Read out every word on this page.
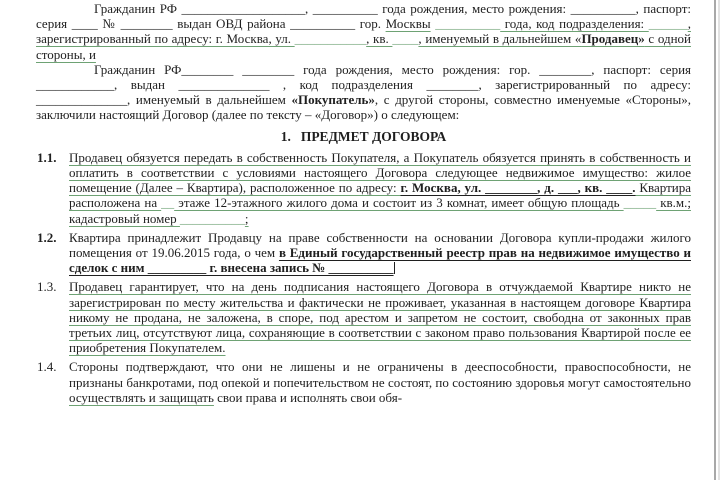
Гражданин РФ ___________________, __________ года рождения, место рождения: __________, паспорт: серия ____ № ________ выдан ОВД района __________ гор. Москвы __________ года, код подразделения: ______, зарегистрированный по адресу: г. Москва, ул. ___________, кв. ____, именуемый в дальнейшем «Продавец» с одной стороны, и

Гражданин РФ________ ________ года рождения, место рождения: гор. ________, паспорт: серия ____________, выдан ______________ , код подразделения ________, зарегистрированный по адресу: ______________, именуемый в дальнейшем «Покупатель», с другой стороны, совместно именуемые «Стороны», заключили настоящий Договор (далее по тексту – «Договор») о следующем:

1. ПРЕДМЕТ ДОГОВОРА
1.1. Продавец обязуется передать в собственность Покупателя, а Покупатель обязуется принять в собственность и оплатить в соответствии с условиями настоящего Договора следующее недвижимое имущество: жилое помещение (Далее – Квартира), расположенное по адресу: г. Москва, ул. ________, д. ___, кв. ____. Квартира расположена на __ этаже 12-этажного жилого дома и состоит из 3 комнат, имеет общую площадь _____ кв.м.; кадастровый номер __________;

1.2. Квартира принадлежит Продавцу на праве собственности на основании Договора купли-продажи жилого помещения от 19.06.2015 года, о чем в Единый государственный реестр прав на недвижимое имущество и сделок с ним _________ г. внесена запись № __________

1.3. Продавец гарантирует, что на день подписания настоящего Договора в отчуждаемой Квартире никто не зарегистрирован по месту жительства и фактически не проживает, указанная в настоящем договоре Квартира никому не продана, не заложена, в споре, под арестом и запретом не состоит, свободна от законных прав третьих лиц, отсутствуют лица, сохраняющие в соответствии с законом право пользования Квартирой после ее приобретения Покупателем.

1.4. Стороны подтверждают, что они не лишены и не ограничены в дееспособности, правоспособности, не признаны банкротами, под опекой и попечительством не состоят, по состоянию здоровья могут самостоятельно осуществлять и защищать свои права и исполнять свои обя-
